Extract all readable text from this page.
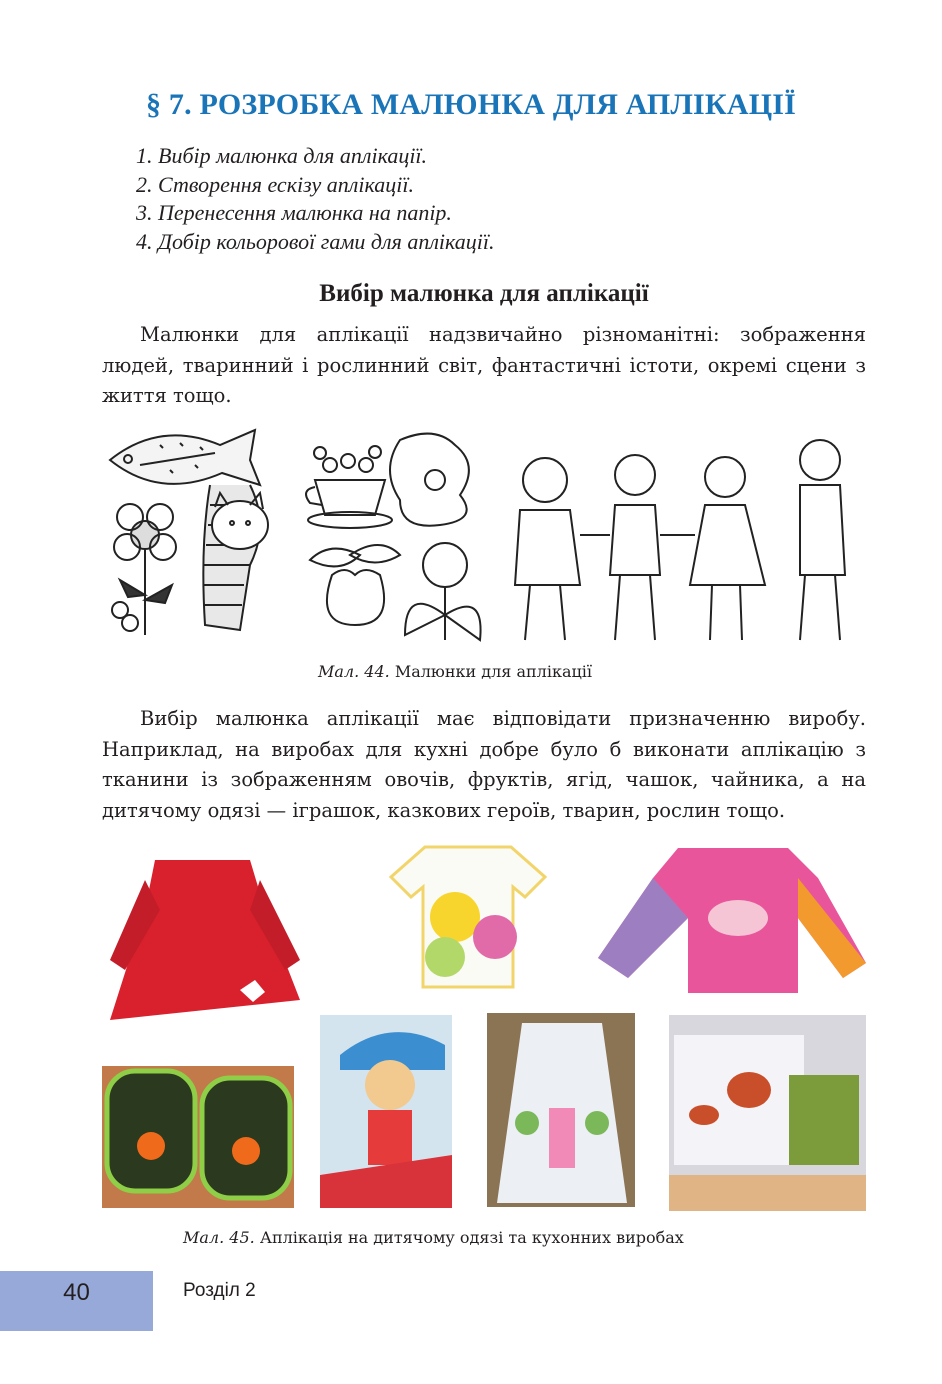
§ 7. РОЗРОБКА МАЛЮНКА ДЛЯ АПЛІКАЦІЇ
1. Вибір малюнка для аплікації.
2. Створення ескізу аплікації.
3. Перенесення малюнка на папір.
4. Добір кольорової гами для аплікації.
Вибір малюнка для аплікації
Малюнки для аплікації надзвичайно різноманітні: зображення людей, тваринний і рослинний світ, фантастичні істоти, окремі сцени з життя тощо.
Мал. 44. Малюнки для аплікації
Вибір малюнка аплікації має відповідати призначенню виробу. Наприклад, на виробах для кухні добре було б виконати аплікацію з тканини із зображенням овочів, фруктів, ягід, чашок, чайника, а на дитячому одязі — іграшок, казкових героїв, тварин, рослин тощо.
Мал. 45. Аплікація на дитячому одязі та кухонних виробах
40	Розділ 2
